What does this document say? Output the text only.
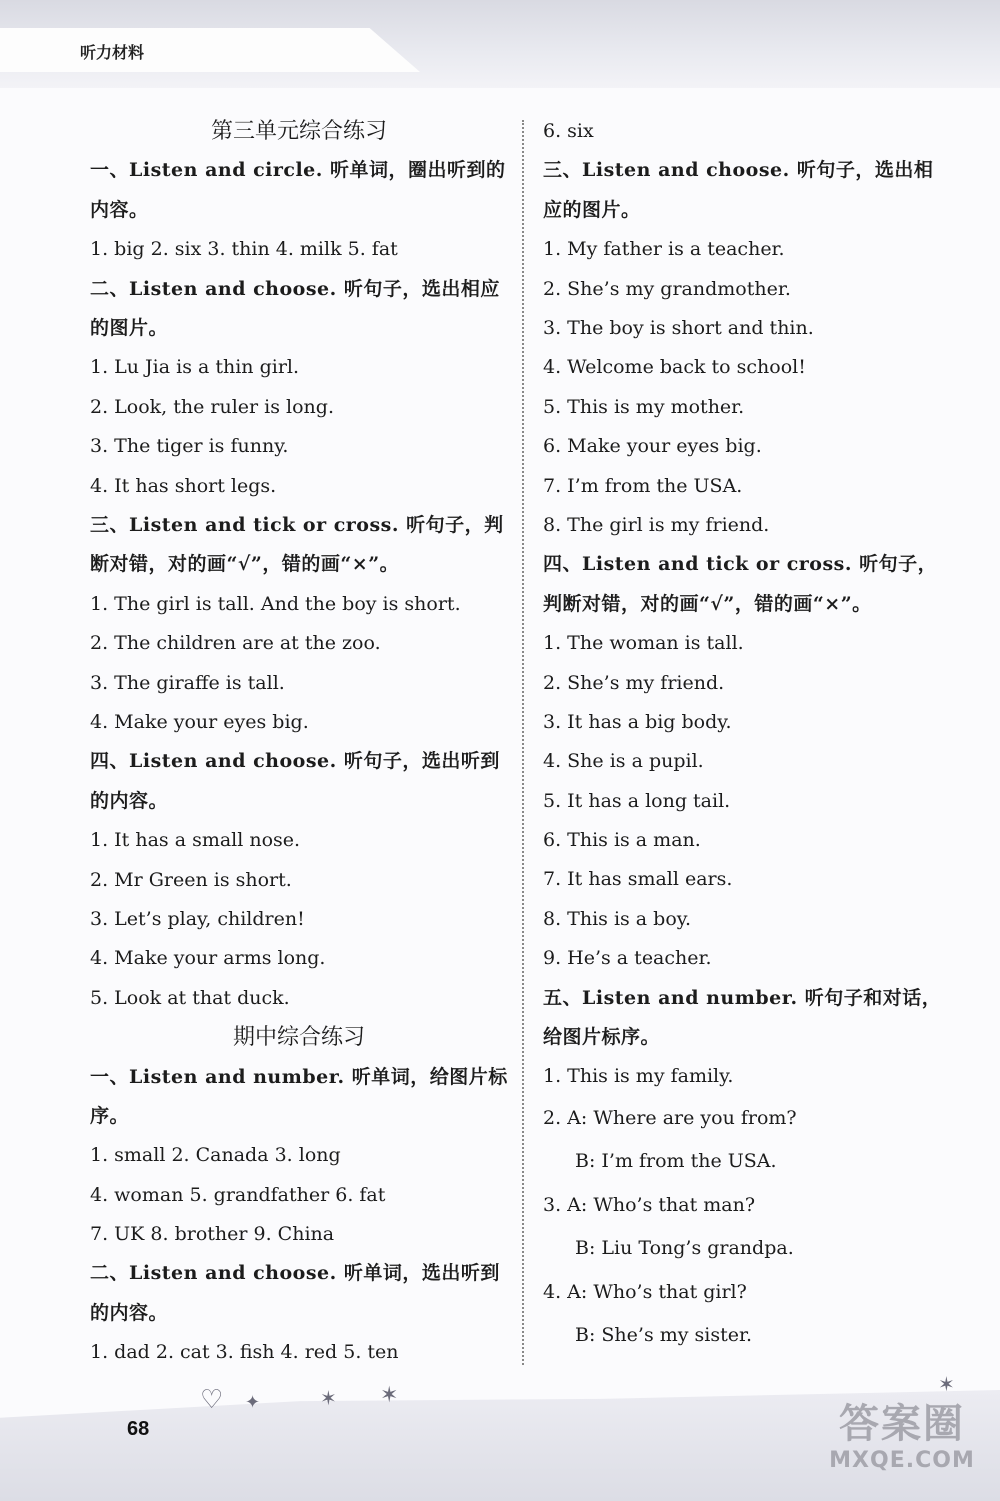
听力材料
第三单元综合练习
一、Listen and circle. 听单词，圈出听到的内容。
1. big 2. six 3. thin 4. milk 5. fat
二、Listen and choose. 听句子，选出相应的图片。
1. Lu Jia is a thin girl.
2. Look, the ruler is long.
3. The tiger is funny.
4. It has short legs.
三、Listen and tick or cross. 听句子，判断对错，对的画“√”，错的画“×”。
1. The girl is tall. And the boy is short.
2. The children are at the zoo.
3. The giraffe is tall.
4. Make your eyes big.
四、Listen and choose. 听句子，选出听到的内容。
1. It has a small nose.
2. Mr Green is short.
3. Let’s play, children!
4. Make your arms long.
5. Look at that duck.
期中综合练习
一、Listen and number. 听单词，给图片标序。
1. small 2. Canada 3. long
4. woman 5. grandfather 6. fat
7. UK 8. brother 9. China
二、Listen and choose. 听单词，选出听到的内容。
1. dad 2. cat 3. fish 4. red 5. ten
6. six
三、Listen and choose. 听句子，选出相应的图片。
1. My father is a teacher.
2. She’s my grandmother.
3. The boy is short and thin.
4. Welcome back to school!
5. This is my mother.
6. Make your eyes big.
7. I’m from the USA.
8. The girl is my friend.
四、Listen and tick or cross. 听句子，判断对错，对的画“√”，错的画“×”。
1. The woman is tall.
2. She’s my friend.
3. It has a big body.
4. She is a pupil.
5. It has a long tail.
6. This is a man.
7. It has small ears.
8. This is a boy.
9. He’s a teacher.
五、Listen and number. 听句子和对话，给图片标序。
1. This is my family.
2. A: Where are you from?
B: I’m from the USA.
3. A: Who’s that man?
B: Liu Tong’s grandpa.
4. A: Who’s that girl?
B: She’s my sister.
♡ ✦	✶ ✶	✶
68	答案圈
MXQE.COM
